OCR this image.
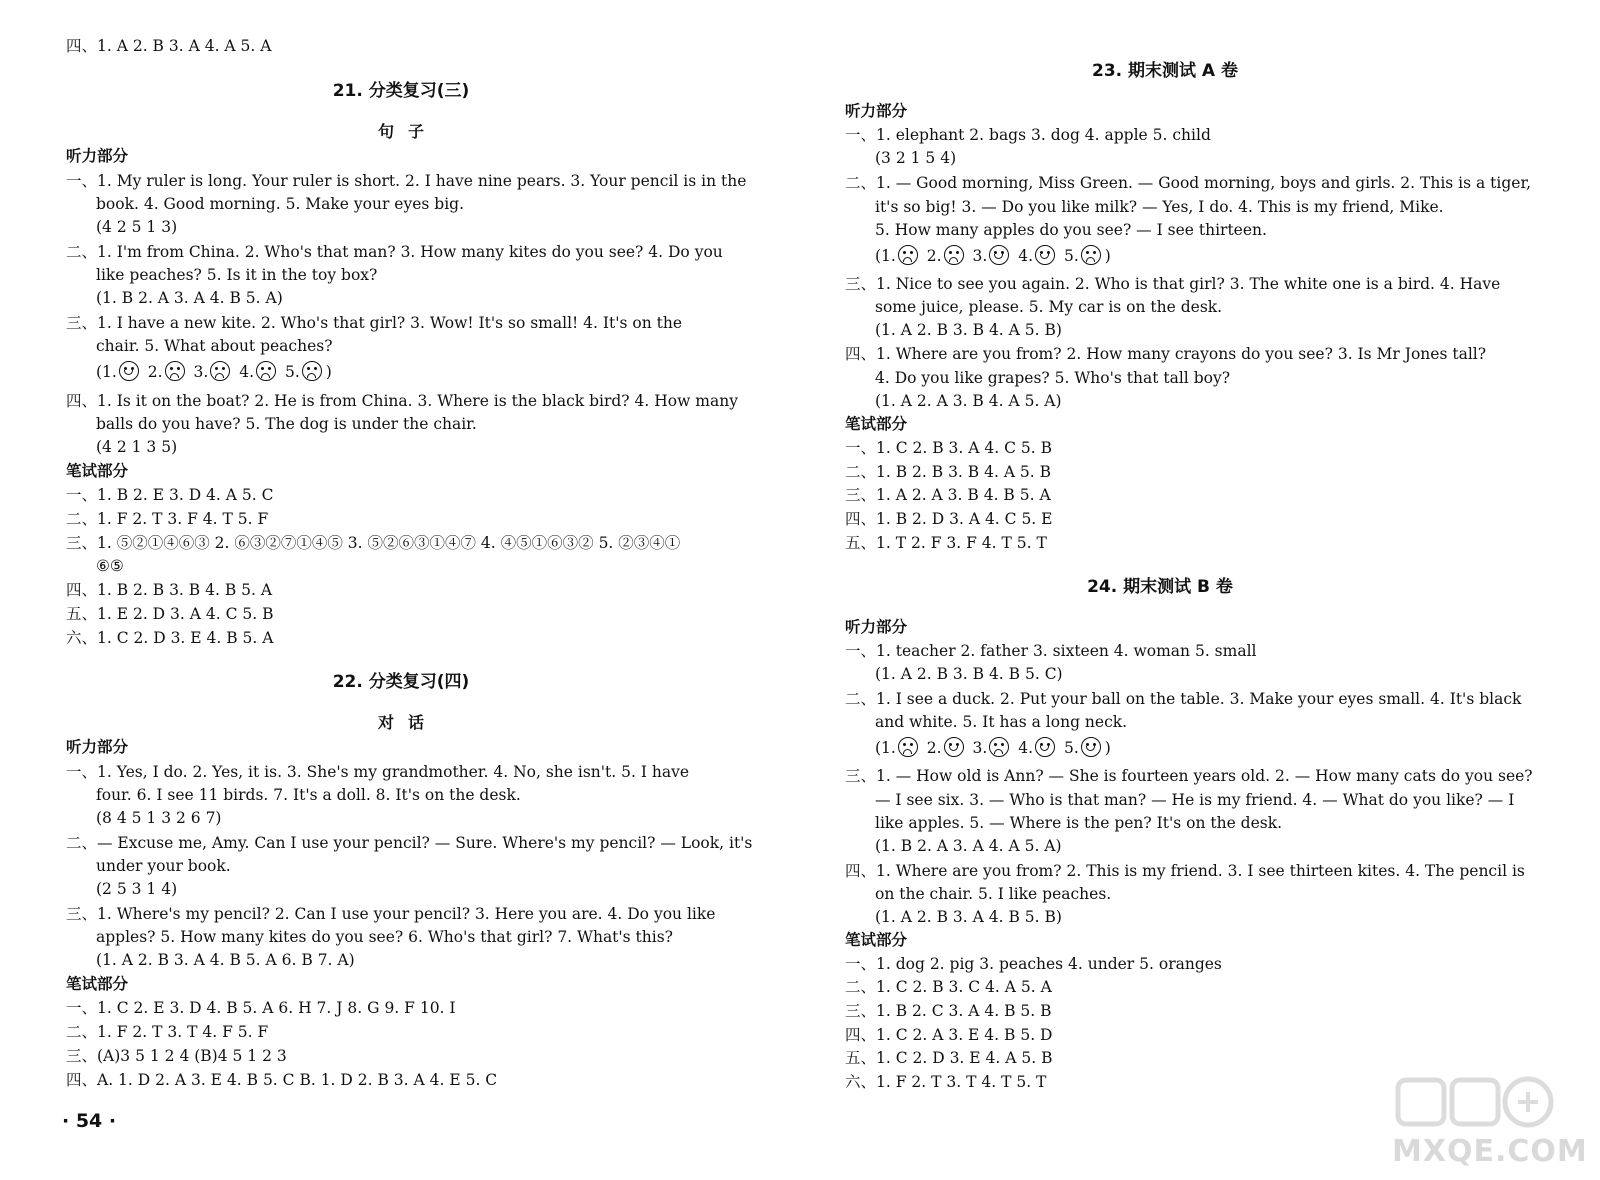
四、1. A 2. B 3. A 4. A 5. A
21. 分类复习(三)
句子
听力部分
一、1. My ruler is long. Your ruler is short. 2. I have nine pears. 3. Your pencil is in the
book. 4. Good morning. 5. Make your eyes big.
(4 2 5 1 3)
二、1. I'm from China. 2. Who's that man? 3. How many kites do you see? 4. Do you
like peaches? 5. Is it in the toy box?
(1. B 2. A 3. A 4. B 5. A)
三、1. I have a new kite. 2. Who's that girl? 3. Wow! It's so small! 4. It's on the
chair. 5. What about peaches?
(1. 2. 3. 4. 5. )
四、1. Is it on the boat? 2. He is from China. 3. Where is the black bird? 4. How many
balls do you have? 5. The dog is under the chair.
(4 2 1 3 5)
笔试部分
一、1. B 2. E 3. D 4. A 5. C
二、1. F 2. T 3. F 4. T 5. F
三、1. ⑤②①④⑥③ 2. ⑥③②⑦①④⑤ 3. ⑤②⑥③①④⑦ 4. ④⑤①⑥③② 5. ②③④①
⑥⑤
四、1. B 2. B 3. B 4. B 5. A
五、1. E 2. D 3. A 4. C 5. B
六、1. C 2. D 3. E 4. B 5. A
22. 分类复习(四)
对话
听力部分
一、1. Yes, I do. 2. Yes, it is. 3. She's my grandmother. 4. No, she isn't. 5. I have
four. 6. I see 11 birds. 7. It's a doll. 8. It's on the desk.
(8 4 5 1 3 2 6 7)
二、— Excuse me, Amy. Can I use your pencil? — Sure. Where's my pencil? — Look, it's
under your book.
(2 5 3 1 4)
三、1. Where's my pencil? 2. Can I use your pencil? 3. Here you are. 4. Do you like
apples? 5. How many kites do you see? 6. Who's that girl? 7. What's this?
(1. A 2. B 3. A 4. B 5. A 6. B 7. A)
笔试部分
一、1. C 2. E 3. D 4. B 5. A 6. H 7. J 8. G 9. F 10. I
二、1. F 2. T 3. T 4. F 5. F
三、(A)3 5 1 2 4 (B)4 5 1 2 3
四、A. 1. D 2. A 3. E 4. B 5. C B. 1. D 2. B 3. A 4. E 5. C
· 54 ·
23. 期末测试 A 卷
听力部分
一、1. elephant 2. bags 3. dog 4. apple 5. child
(3 2 1 5 4)
二、1. — Good morning, Miss Green. — Good morning, boys and girls. 2. This is a tiger,
it's so big! 3. — Do you like milk? — Yes, I do. 4. This is my friend, Mike.
5. How many apples do you see? — I see thirteen.
(1. 2. 3. 4. 5. )
三、1. Nice to see you again. 2. Who is that girl? 3. The white one is a bird. 4. Have
some juice, please. 5. My car is on the desk.
(1. A 2. B 3. B 4. A 5. B)
四、1. Where are you from? 2. How many crayons do you see? 3. Is Mr Jones tall?
4. Do you like grapes? 5. Who's that tall boy?
(1. A 2. A 3. B 4. A 5. A)
笔试部分
一、1. C 2. B 3. A 4. C 5. B
二、1. B 2. B 3. B 4. A 5. B
三、1. A 2. A 3. B 4. B 5. A
四、1. B 2. D 3. A 4. C 5. E
五、1. T 2. F 3. F 4. T 5. T
24. 期末测试 B 卷
听力部分
一、1. teacher 2. father 3. sixteen 4. woman 5. small
(1. A 2. B 3. B 4. B 5. C)
二、1. I see a duck. 2. Put your ball on the table. 3. Make your eyes small. 4. It's black
and white. 5. It has a long neck.
(1. 2. 3. 4. 5. )
三、1. — How old is Ann? — She is fourteen years old. 2. — How many cats do you see?
— I see six. 3. — Who is that man? — He is my friend. 4. — What do you like? — I
like apples. 5. — Where is the pen? It's on the desk.
(1. B 2. A 3. A 4. A 5. A)
四、1. Where are you from? 2. This is my friend. 3. I see thirteen kites. 4. The pencil is
on the chair. 5. I like peaches.
(1. A 2. B 3. A 4. B 5. B)
笔试部分
一、1. dog 2. pig 3. peaches 4. under 5. oranges
二、1. C 2. B 3. C 4. A 5. A
三、1. B 2. C 3. A 4. B 5. B
四、1. C 2. A 3. E 4. B 5. D
五、1. C 2. D 3. E 4. A 5. B
六、1. F 2. T 3. T 4. T 5. T
MXQE.COM
